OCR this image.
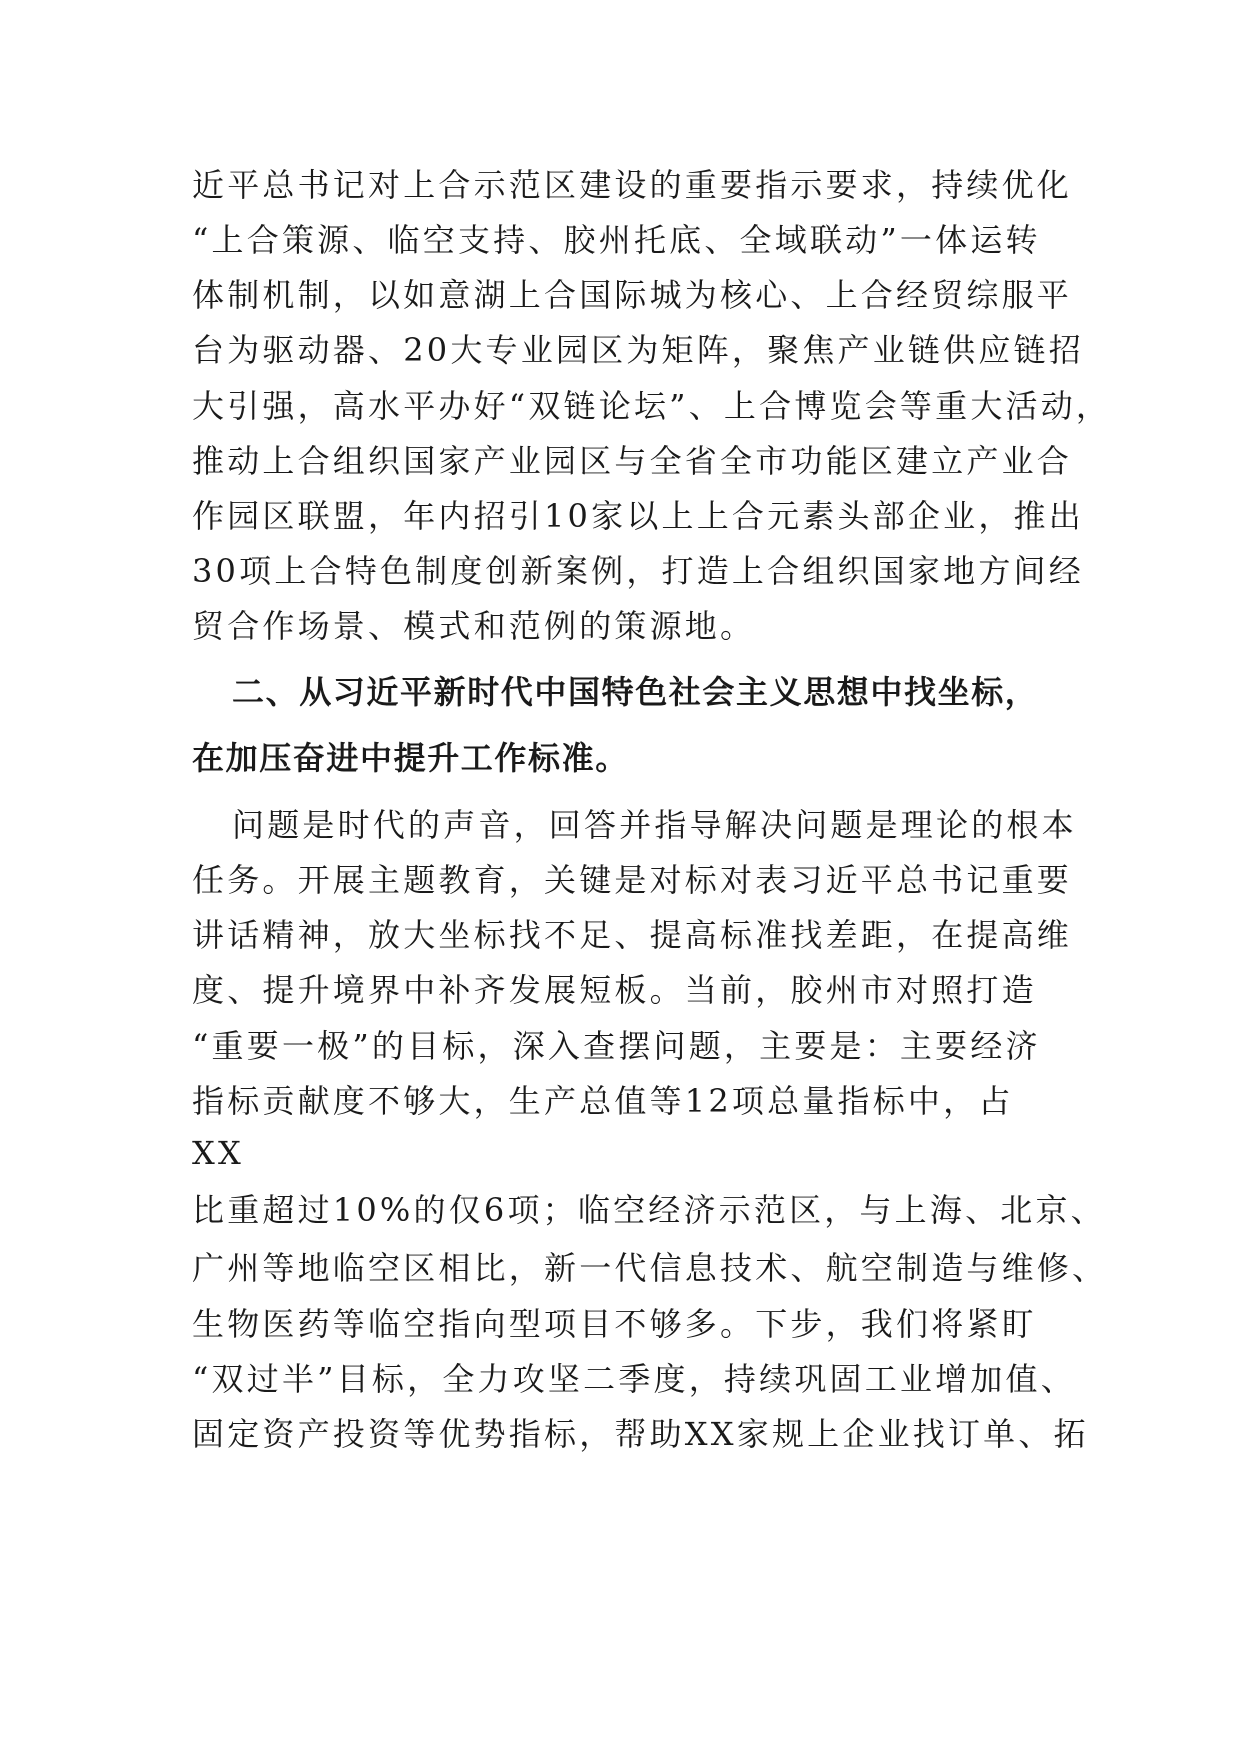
近平总书记对上合示范区建设的重要指示要求，持续优化

“上合策源、临空支持、胶州托底、全域联动”一体运转

体制机制，以如意湖上合国际城为核心、上合经贸综服平

台为驱动器、20大专业园区为矩阵，聚焦产业链供应链招

大引强，高水平办好“双链论坛”、上合博览会等重大活动，

推动上合组织国家产业园区与全省全市功能区建立产业合

作园区联盟，年内招引10家以上上合元素头部企业，推出

30项上合特色制度创新案例，打造上合组织国家地方间经

贸合作场景、模式和范例的策源地。

二、从习近平新时代中国特色社会主义思想中找坐标，

在加压奋进中提升工作标准。

问题是时代的声音，回答并指导解决问题是理论的根本

任务。开展主题教育，关键是对标对表习近平总书记重要

讲话精神，放大坐标找不足、提高标准找差距，在提高维

度、提升境界中补齐发展短板。当前，胶州市对照打造

“重要一极”的目标，深入查摆问题，主要是：主要经济

指标贡献度不够大，生产总值等12项总量指标中，占

XX

比重超过10%的仅6项；临空经济示范区，与上海、北京、

广州等地临空区相比，新一代信息技术、航空制造与维修、

生物医药等临空指向型项目不够多。下步，我们将紧盯

“双过半”目标，全力攻坚二季度，持续巩固工业增加值、

固定资产投资等优势指标，帮助XX家规上企业找订单、拓
